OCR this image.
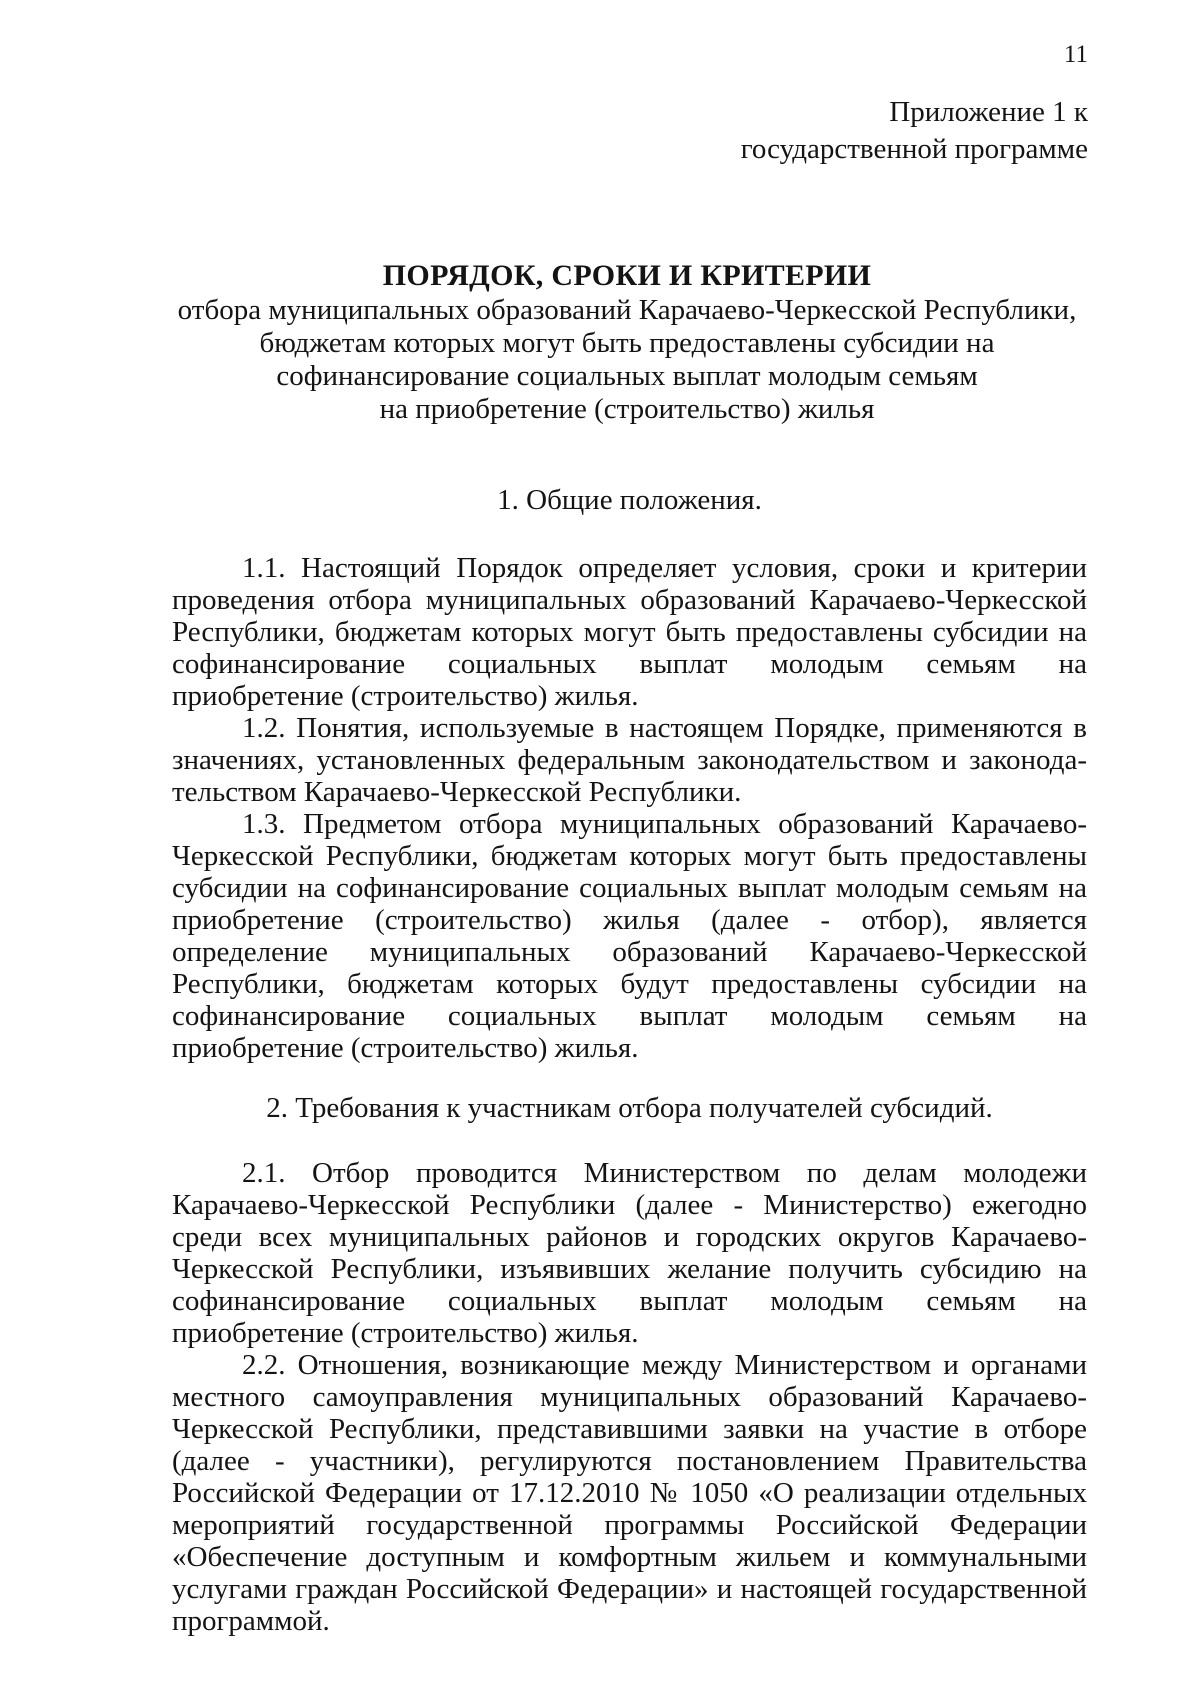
11
Приложение 1 к
государственной программе
ПОРЯДОК, СРОКИ И КРИТЕРИИ
отбора муниципальных образований Карачаево-Черкесской Республики,
бюджетам которых могут быть предоставлены субсидии на
софинансирование социальных выплат молодым семьям
на приобретение (строительство) жилья

1. Общие положения.

1.1. Настоящий Порядок определяет условия, сроки и критерии проведения отбора муниципальных образований Карачаево-Черкесской Республики, бюджетам которых могут быть предоставлены субсидии на софинансирование социальных выплат молодым семьям на приобретение (строительство) жилья.

1.2. Понятия, используемые в настоящем Порядке, применяются в значениях, установленных федеральным законодательством и законодательством Карачаево-Черкесской Республики.

1.3. Предметом отбора муниципальных образований Карачаево-Черкесской Республики, бюджетам которых могут быть предоставлены субсидии на софинансирование социальных выплат молодым семьям на приобретение (строительство) жилья (далее - отбор), является определение муниципальных образований Карачаево-Черкесской Республики, бюджетам которых будут предоставлены субсидии на софинансирование социальных выплат молодым семьям на приобретение (строительство) жилья.

2. Требования к участникам отбора получателей субсидий.

2.1. Отбор проводится Министерством по делам молодежи Карачаево-Черкесской Республики (далее - Министерство) ежегодно среди всех муниципальных районов и городских округов Карачаево-Черкесской Республики, изъявивших желание получить субсидию на софинансирование социальных выплат молодым семьям на приобретение (строительство) жилья.

2.2. Отношения, возникающие между Министерством и органами местного самоуправления муниципальных образований Карачаево-Черкесской Республики, представившими заявки на участие в отборе (далее - участники), регулируются постановлением Правительства Российской Федерации от 17.12.2010 № 1050 «О реализации отдельных мероприятий государственной программы Российской Федерации «Обеспечение доступным и комфортным жильем и коммунальными услугами граждан Российской Федерации» и настоящей государственной программой.
